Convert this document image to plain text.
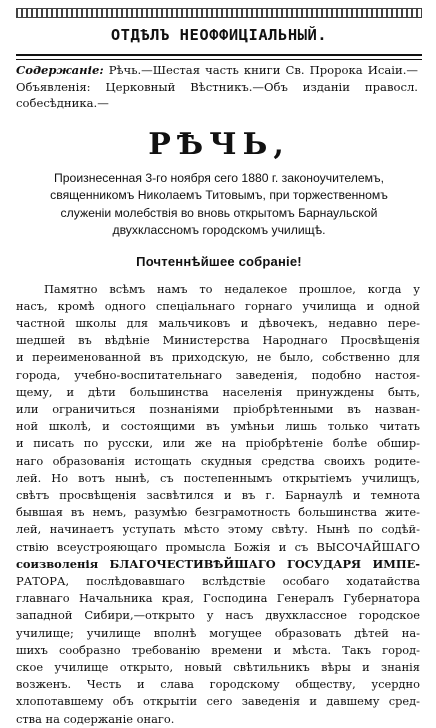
ОТДѢЛЪ НЕОФФИЦІАЛЬНЫЙ.
Содержаніе: Рѣчь.—Шестая часть книги Св. Пророка Исаіи.—Объявленія: Церковный Вѣстникъ.—Объ изданіи правосл. собесѣдника.—
РѢЧЬ,
Произнесенная 3-го ноября сего 1880 г. законоучителемъ,
священникомъ Николаемъ Титовымъ, при торжественномъ
служеніи молебствія во вновь открытомъ Барнаульской
двухклассномъ городскомъ училищѣ.
Почтеннѣйшее собраніе!
Памятно всѣмъ намъ то недалекое прошлое, когда у
насъ, кромѣ одного спеціальнаго горнаго училища и одной
частной школы для мальчиковъ и дѣвочекъ, недавно пере-
шедшей въ вѣдѣніе Министерства Народнаго Просвѣщенія
и переименованной въ приходскую, не было, собственно для
города, учебно-воспитательнаго заведенія, подобно настоя-
щему, и дѣти большинства населенія принуждены быть,
или ограничиться познаніями пріобрѣтенными въ назван-
ной школѣ, и состоящими въ умѣньи лишь только читать
и писать по русски, или же на пріобрѣтеніе болѣе обшир-
наго образованія истощать скудныя средства своихъ родите-
лей. Но вотъ нынѣ, съ постепеннымъ открытіемъ училищъ,
свѣтъ просвѣщенія засвѣтился и въ г. Барнаулѣ и темнота
бывшая въ немъ, разумѣю безграмотность большинства жите-
лей, начинаетъ уступать мѣсто этому свѣту. Нынѣ по содѣй-
ствію всеустрояющаго промысла Божія и съ ВЫСОЧАЙШАГО
соизволенія БЛАГОЧЕСТИВѢЙШАГО ГОСУДАРЯ ИМПЕ-
РАТОРА, послѣдовавшаго вслѣдствіе особаго ходатайства
главнаго Начальника края, Господина Генералъ Губернатора
западной Сибири,—открыто у насъ двухклассное городское
училище; училище вполнѣ могущее образовать дѣтей на-
шихъ сообразно требованію времени и мѣста. Такъ город-
ское училище открыто, новый свѣтильникъ вѣры и знанія
возженъ. Честь и слава городскому обществу, усердно
хлопотавшему объ открытіи сего заведенія и давшему сред-
ства на содержаніе онаго.
